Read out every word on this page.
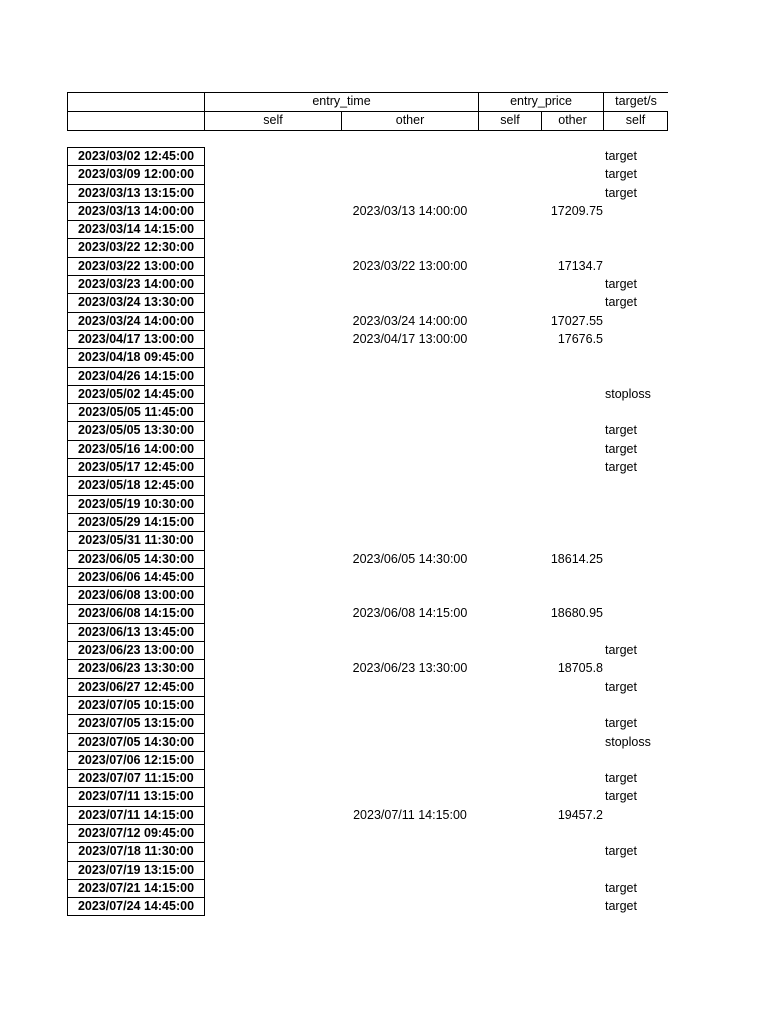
entry_time	entry_price	target/s
self	other	self	other	self
2023/03/02 12:45:00	target
2023/03/09 12:00:00	target
2023/03/13 13:15:00	target
2023/03/13 14:00:00	2023/03/13 14:00:00	17209.75
2023/03/14 14:15:00
2023/03/22 12:30:00
2023/03/22 13:00:00	2023/03/22 13:00:00	17134.7
2023/03/23 14:00:00	target
2023/03/24 13:30:00	target
2023/03/24 14:00:00	2023/03/24 14:00:00	17027.55
2023/04/17 13:00:00	2023/04/17 13:00:00	17676.5
2023/04/18 09:45:00
2023/04/26 14:15:00
2023/05/02 14:45:00	stoploss
2023/05/05 11:45:00
2023/05/05 13:30:00	target
2023/05/16 14:00:00	target
2023/05/17 12:45:00	target
2023/05/18 12:45:00
2023/05/19 10:30:00
2023/05/29 14:15:00
2023/05/31 11:30:00
2023/06/05 14:30:00	2023/06/05 14:30:00	18614.25
2023/06/06 14:45:00
2023/06/08 13:00:00
2023/06/08 14:15:00	2023/06/08 14:15:00	18680.95
2023/06/13 13:45:00
2023/06/23 13:00:00	target
2023/06/23 13:30:00	2023/06/23 13:30:00	18705.8
2023/06/27 12:45:00	target
2023/07/05 10:15:00
2023/07/05 13:15:00	target
2023/07/05 14:30:00	stoploss
2023/07/06 12:15:00
2023/07/07 11:15:00	target
2023/07/11 13:15:00	target
2023/07/11 14:15:00	2023/07/11 14:15:00	19457.2
2023/07/12 09:45:00
2023/07/18 11:30:00	target
2023/07/19 13:15:00
2023/07/21 14:15:00	target
2023/07/24 14:45:00	target
